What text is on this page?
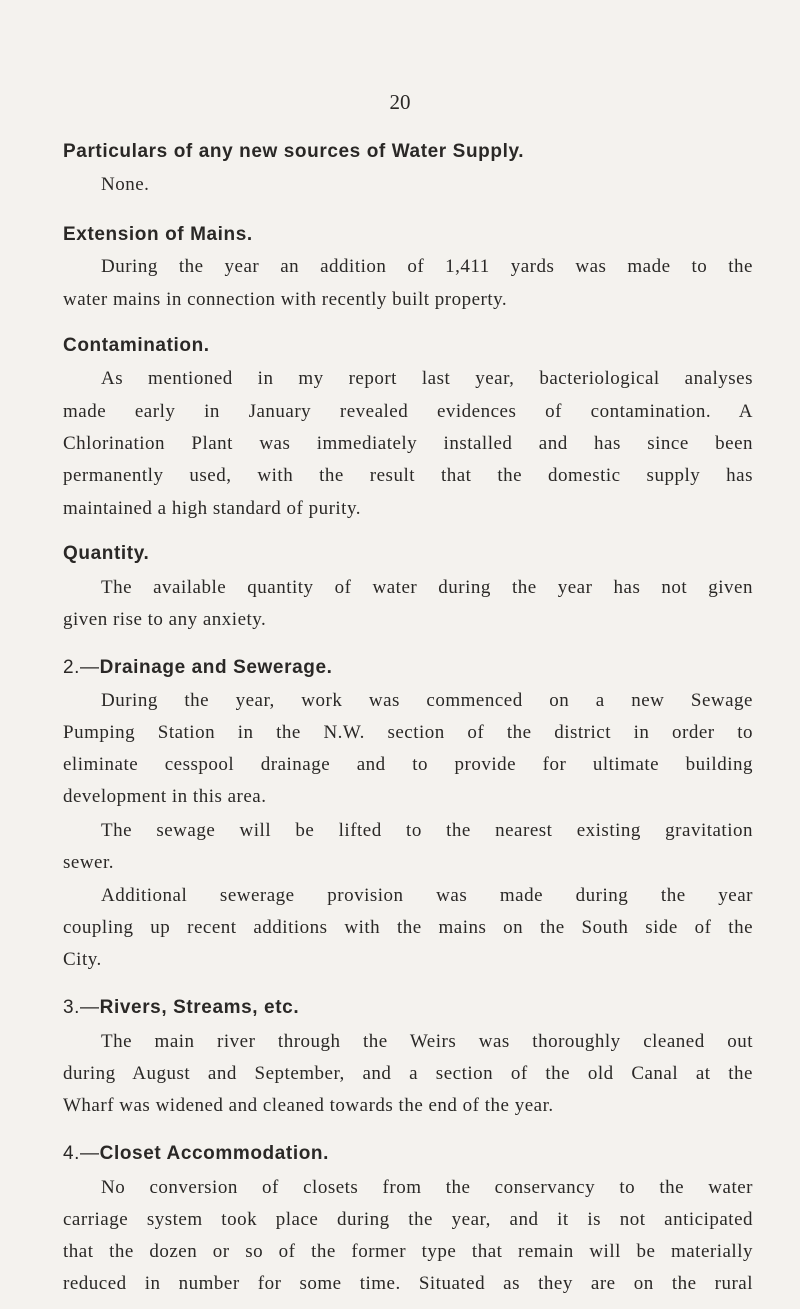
20
Particulars of any new sources of Water Supply.

None.

Extension of Mains.

During the year an addition of 1,411 yards was made to the

water mains in connection with recently built property.

Contamination.

As mentioned in my report last year, bacteriological analyses

made early in January revealed evidences of contamination. A

Chlorination Plant was immediately installed and has since been

permanently used, with the result that the domestic supply has

maintained a high standard of purity.

Quantity.

The available quantity of water during the year has not given

given rise to any anxiety.

2.—Drainage and Sewerage.

During the year, work was commenced on a new Sewage

Pumping Station in the N.W. section of the district in order to

eliminate cesspool drainage and to provide for ultimate building

development in this area.

The sewage will be lifted to the nearest existing gravitation

sewer.

Additional sewerage provision was made during the year

coupling up recent additions with the mains on the South side of the

City.

3.—Rivers, Streams, etc.

The main river through the Weirs was thoroughly cleaned out

during August and September, and a section of the old Canal at the

Wharf was widened and cleaned towards the end of the year.

4.—Closet Accommodation.

No conversion of closets from the conservancy to the water

carriage system took place during the year, and it is not anticipated

that the dozen or so of the former type that remain will be materially

reduced in number for some time. Situated as they are on the rural
